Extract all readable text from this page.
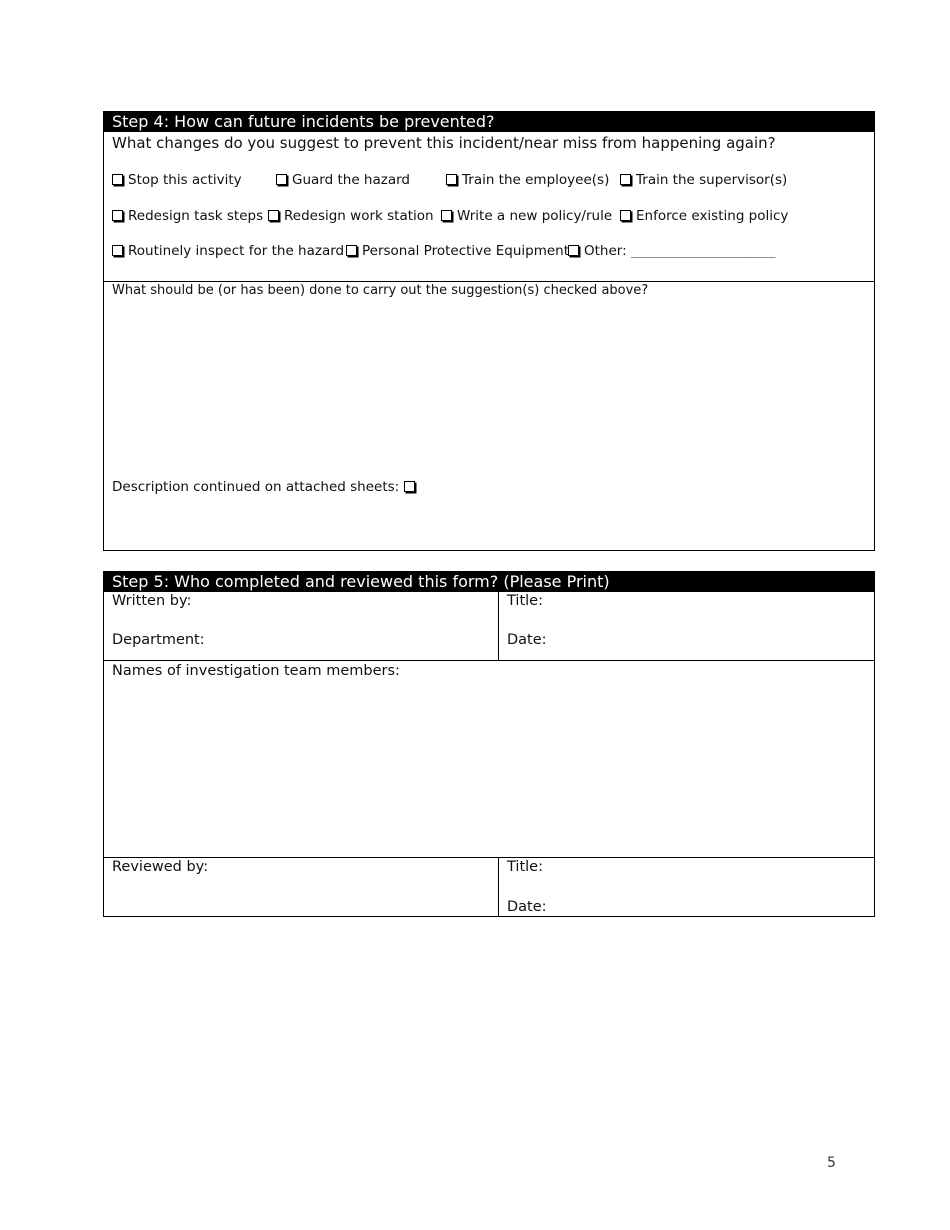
Step 4: How can future incidents be prevented?
What changes do you suggest to prevent this incident/near miss from happening again?
Stop this activity	Guard the hazard	Train the employee(s)	Train the supervisor(s)
Redesign task steps	Redesign work station	Write a new policy/rule	Enforce existing policy
Routinely inspect for the hazard	Personal Protective Equipment	Other: ____________________
What should be (or has been) done to carry out the suggestion(s) checked above?
Description continued on attached sheets:
Step 5: Who completed and reviewed this form? (Please Print)
Written by:	Title:
Department:	Date:
Names of investigation team members:
Reviewed by:	Title:
Date:
5
